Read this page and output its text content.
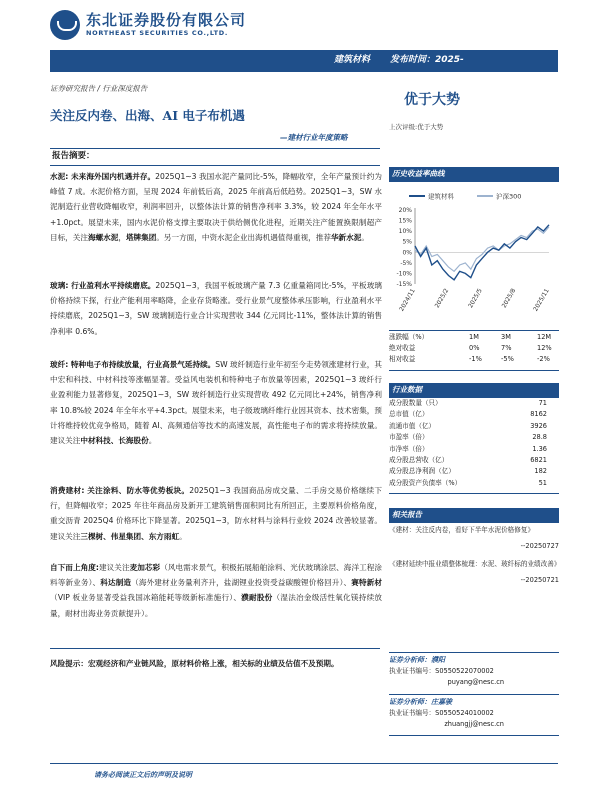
东北证券股份有限公司
NORTHEAST SECURITIES CO.,LTD.
建筑材料 发布时间：2025-
证券研究报告 / 行业深度报告
关注反内卷、出海、AI 电子布机遇
—建材行业年度策略
优于大势
上次评级:优于大势
报告摘要：
水泥: 未来海外国内机遇并存。2025Q1~3 我国水泥产量同比-5%，降幅收窄，全年产量预计约为峰值 7 成。水泥价格方面，呈现 2024 年前低后高，2025 年前高后低趋势。2025Q1~3，SW 水泥制造行业营收降幅收窄，利润率回升，以整体法计算的销售净利率 3.3%，较 2024 年全年水平+1.0pct。展望未来，国内水泥价格支撑主要取决于供给侧优化进程，近期关注产能置换限制超产目标，关注海螺水泥，塔牌集团。另一方面，中资水泥企业出海机遇值得重视，推荐华新水泥。
玻璃: 行业盈利水平持续磨底。2025Q1~3，我国平板玻璃产量 7.3 亿重量箱同比-5%，平板玻璃价格持续下探，行业产能利用率略降，企业存货略涨。受行业景气度整体承压影响，行业盈利水平持续磨底，2025Q1~3，SW 玻璃制造行业合计实现营收 344 亿元同比-11%，整体法计算的销售净利率 0.6%。
玻纤: 特种电子布持续放量，行业高景气延持续。SW 玻纤制造行业年初至今走势领涨建材行业，其中宏和科技、中材科技等涨幅显著。受益风电装机和特种电子布放量等因素，2025Q1~3 玻纤行业盈利能力显著修复，2025Q1~3，SW 玻纤制造行业实现营收 492 亿元同比+24%，销售净利率 10.8%较 2024 年全年水平+4.3pct。展望未来，电子级玻璃纤维行业因其资本、技术密集，预计将维持较优竞争格局，随着 AI、高频通信等技术的高速发展，高性能电子布的需求将持续放量。建议关注中材科技、长海股份。
消费建材: 关注涂料、防水等优势板块。2025Q1~3 我国商品房成交量、二手房交易价格继续下行，但降幅收窄；2025 年往年商品房及新开工建筑销售面积同比有所回正，主要原料价格角度，重交沥青 2025Q4 价格环比下降显著。2025Q1~3，防水材料与涂料行业较 2024 改善较显著。建议关注三棵树、伟星集团、东方雨虹。
自下而上角度:建议关注麦加芯彩（风电需求景气，积极拓展船舶涂料、光伏玻璃涂层、海洋工程涂料等新业务）、科达制造（海外建材业务量利齐升，盐湖锂业投资受益碳酸锂价格回升）、赛特新材（VIP 板业务显著受益我国冰箱能耗等级新标准施行）、濮耐股份（湿法冶金级活性氧化镁持续放量，耐材出海业务贡献提升）。
风险提示：宏观经济和产业链风险，原材料价格上涨，相关标的业绩及估值不及预期。
历史收益率曲线
建筑材料	沪深300
20%
15%
10%
5%
0%
-5%
-10%
-15%
2024/11	2025/2	2025/5	2025/8 2025/11
涨跌幅（%）	1M	3M	12M
绝对收益	0%	7%	12%
相对收益	-1%	-5%	-2%
行业数据
成分股数量（只）	71
总市值（亿）	8162
流通市值（亿）	3926
市盈率（倍）	28.8
市净率（倍）	1.36
成分股总营收（亿）	6821
成分股总净利润（亿）	182
成分股资产负债率（%）	51
相关报告
《建材：关注反内卷，看好下半年水泥价格修复》
--20250727
《建材延续中报业绩整体梳理：水泥、玻纤标的业绩改善》
--20250721
证券分析师：濮阳
执业证书编号：S0550522070002
puyang@nesc.cn
证券分析师：庄嘉骏
执业证书编号：S0550524010002
zhuangjj@nesc.cn
请务必阅读正文后的声明及说明
